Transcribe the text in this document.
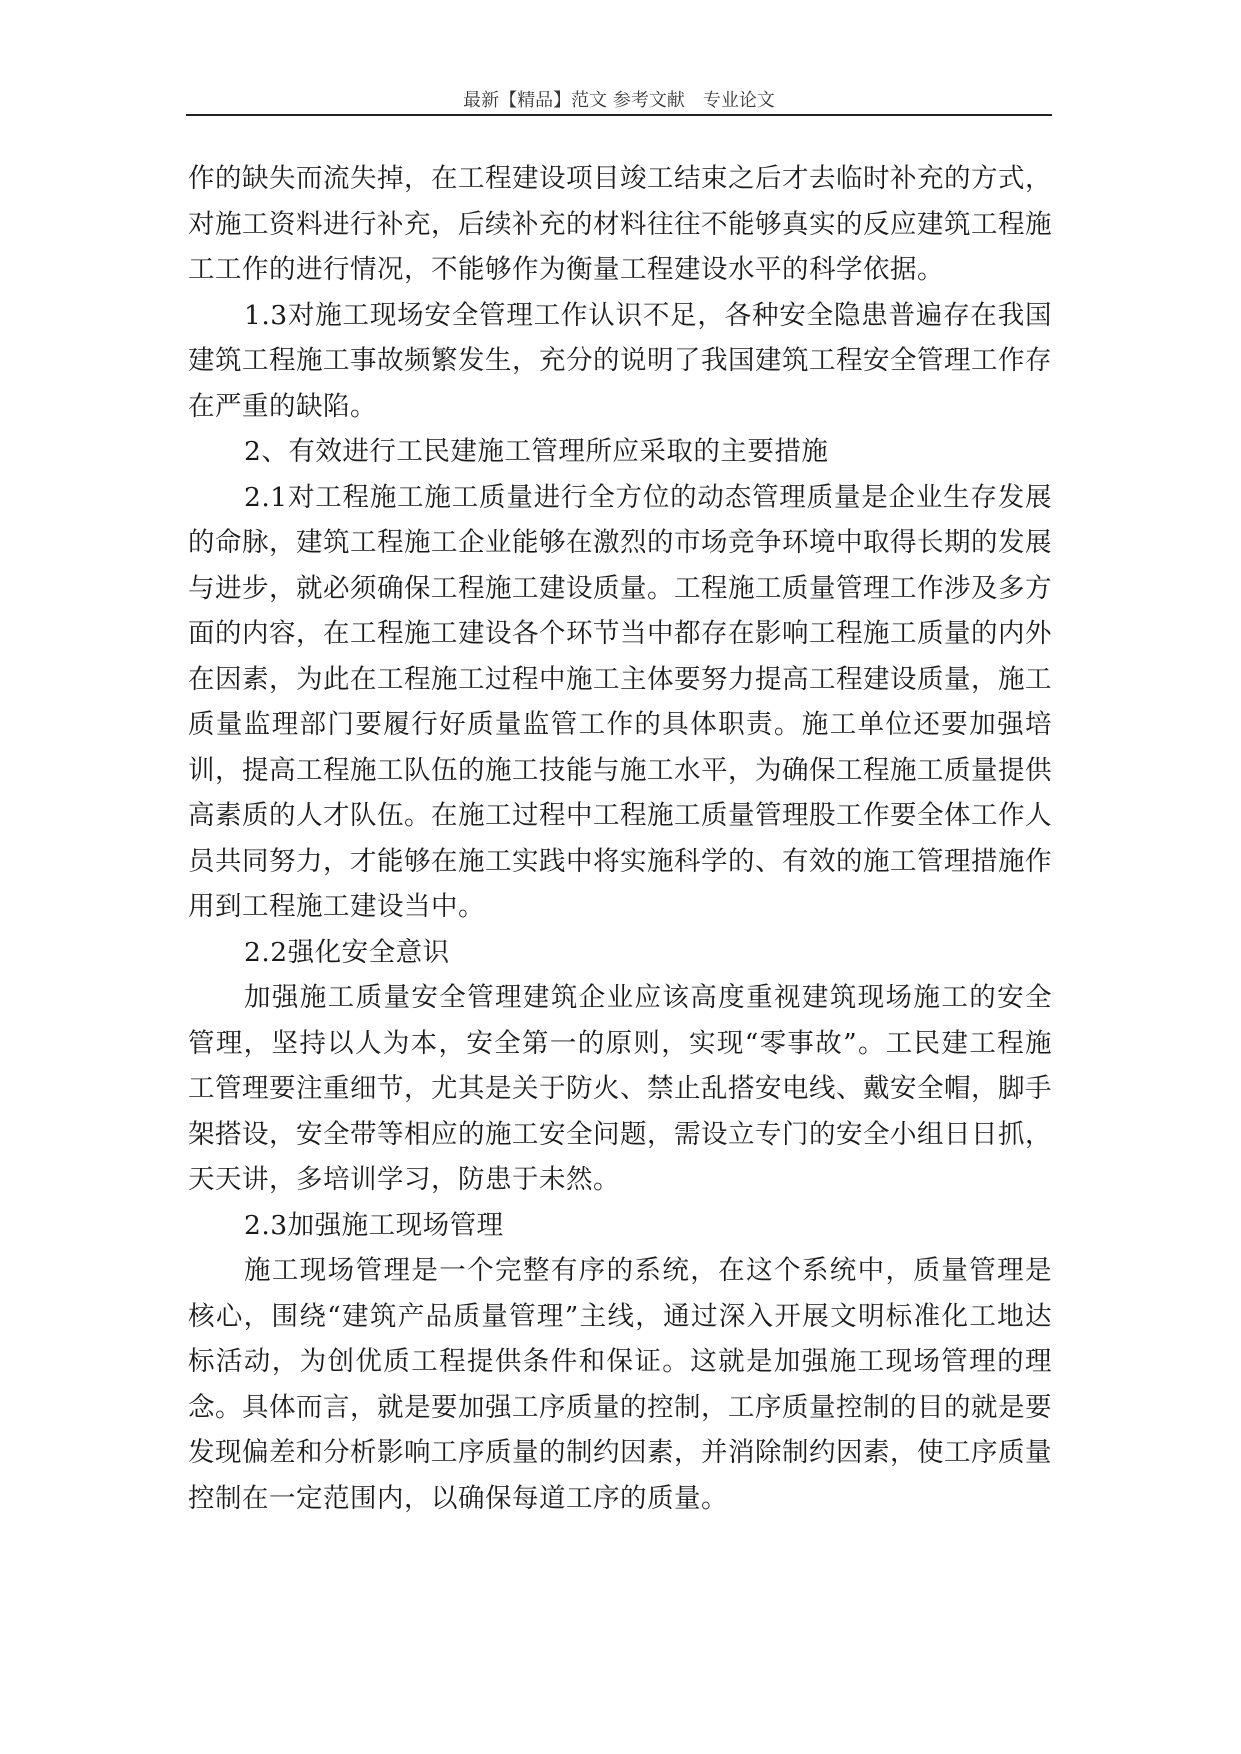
最新【精品】范文 参考文献　专业论文

作的缺失而流失掉，在工程建设项目竣工结束之后才去临时补充的方式，对施工资料进行补充，后续补充的材料往往不能够真实的反应建筑工程施工工作的进行情况，不能够作为衡量工程建设水平的科学依据。

1.3对施工现场安全管理工作认识不足，各种安全隐患普遍存在我国建筑工程施工事故频繁发生，充分的说明了我国建筑工程安全管理工作存在严重的缺陷。

2、有效进行工民建施工管理所应采取的主要措施

2.1对工程施工施工质量进行全方位的动态管理质量是企业生存发展的命脉，建筑工程施工企业能够在激烈的市场竞争环境中取得长期的发展与进步，就必须确保工程施工建设质量。工程施工质量管理工作涉及多方面的内容，在工程施工建设各个环节当中都存在影响工程施工质量的内外在因素，为此在工程施工过程中施工主体要努力提高工程建设质量，施工质量监理部门要履行好质量监管工作的具体职责。施工单位还要加强培训，提高工程施工队伍的施工技能与施工水平，为确保工程施工质量提供高素质的人才队伍。在施工过程中工程施工质量管理股工作要全体工作人员共同努力，才能够在施工实践中将实施科学的、有效的施工管理措施作用到工程施工建设当中。

2.2强化安全意识

加强施工质量安全管理建筑企业应该高度重视建筑现场施工的安全管理，坚持以人为本，安全第一的原则，实现“零事故”。工民建工程施工管理要注重细节，尤其是关于防火、禁止乱搭安电线、戴安全帽，脚手架搭设，安全带等相应的施工安全问题，需设立专门的安全小组日日抓，天天讲，多培训学习，防患于未然。

2.3加强施工现场管理

施工现场管理是一个完整有序的系统，在这个系统中，质量管理是核心，围绕“建筑产品质量管理”主线，通过深入开展文明标准化工地达标活动，为创优质工程提供条件和保证。这就是加强施工现场管理的理念。具体而言，就是要加强工序质量的控制，工序质量控制的目的就是要发现偏差和分析影响工序质量的制约因素，并消除制约因素，使工序质量控制在一定范围内，以确保每道工序的质量。
